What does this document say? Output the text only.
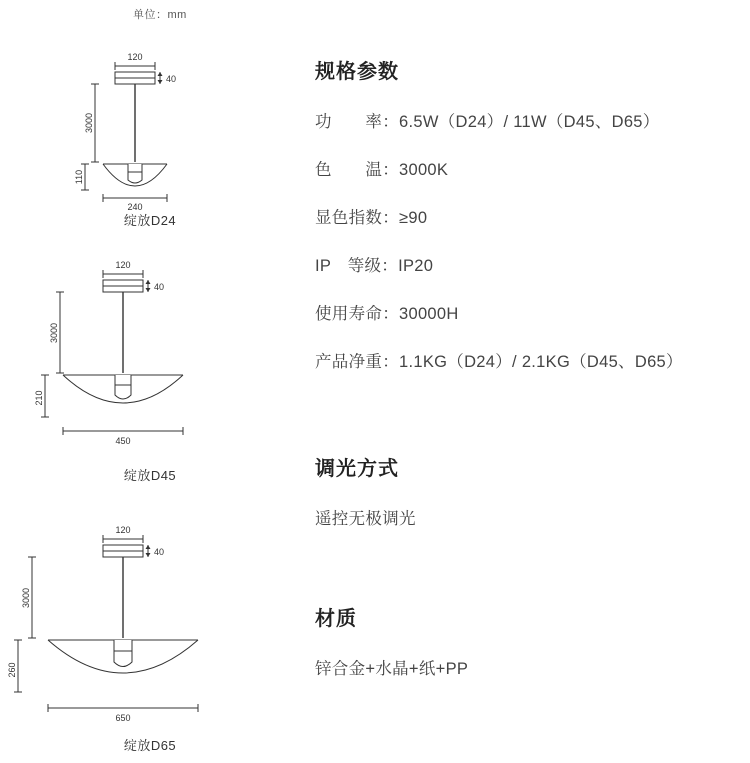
单位：mm
120
40
3000
110
240
绽放D24
120
40
3000
210
450
绽放D45
120
40
3000
260
650
绽放D65
规格参数
功　　率：6.5W（D24）/ 11W（D45、D65）
色　　温：3000K
显色指数：≥90
IP　等级：IP20
使用寿命：30000H
产品净重：1.1KG（D24）/ 2.1KG（D45、D65）
调光方式
遥控无极调光
材质
锌合金+水晶+纸+PP
